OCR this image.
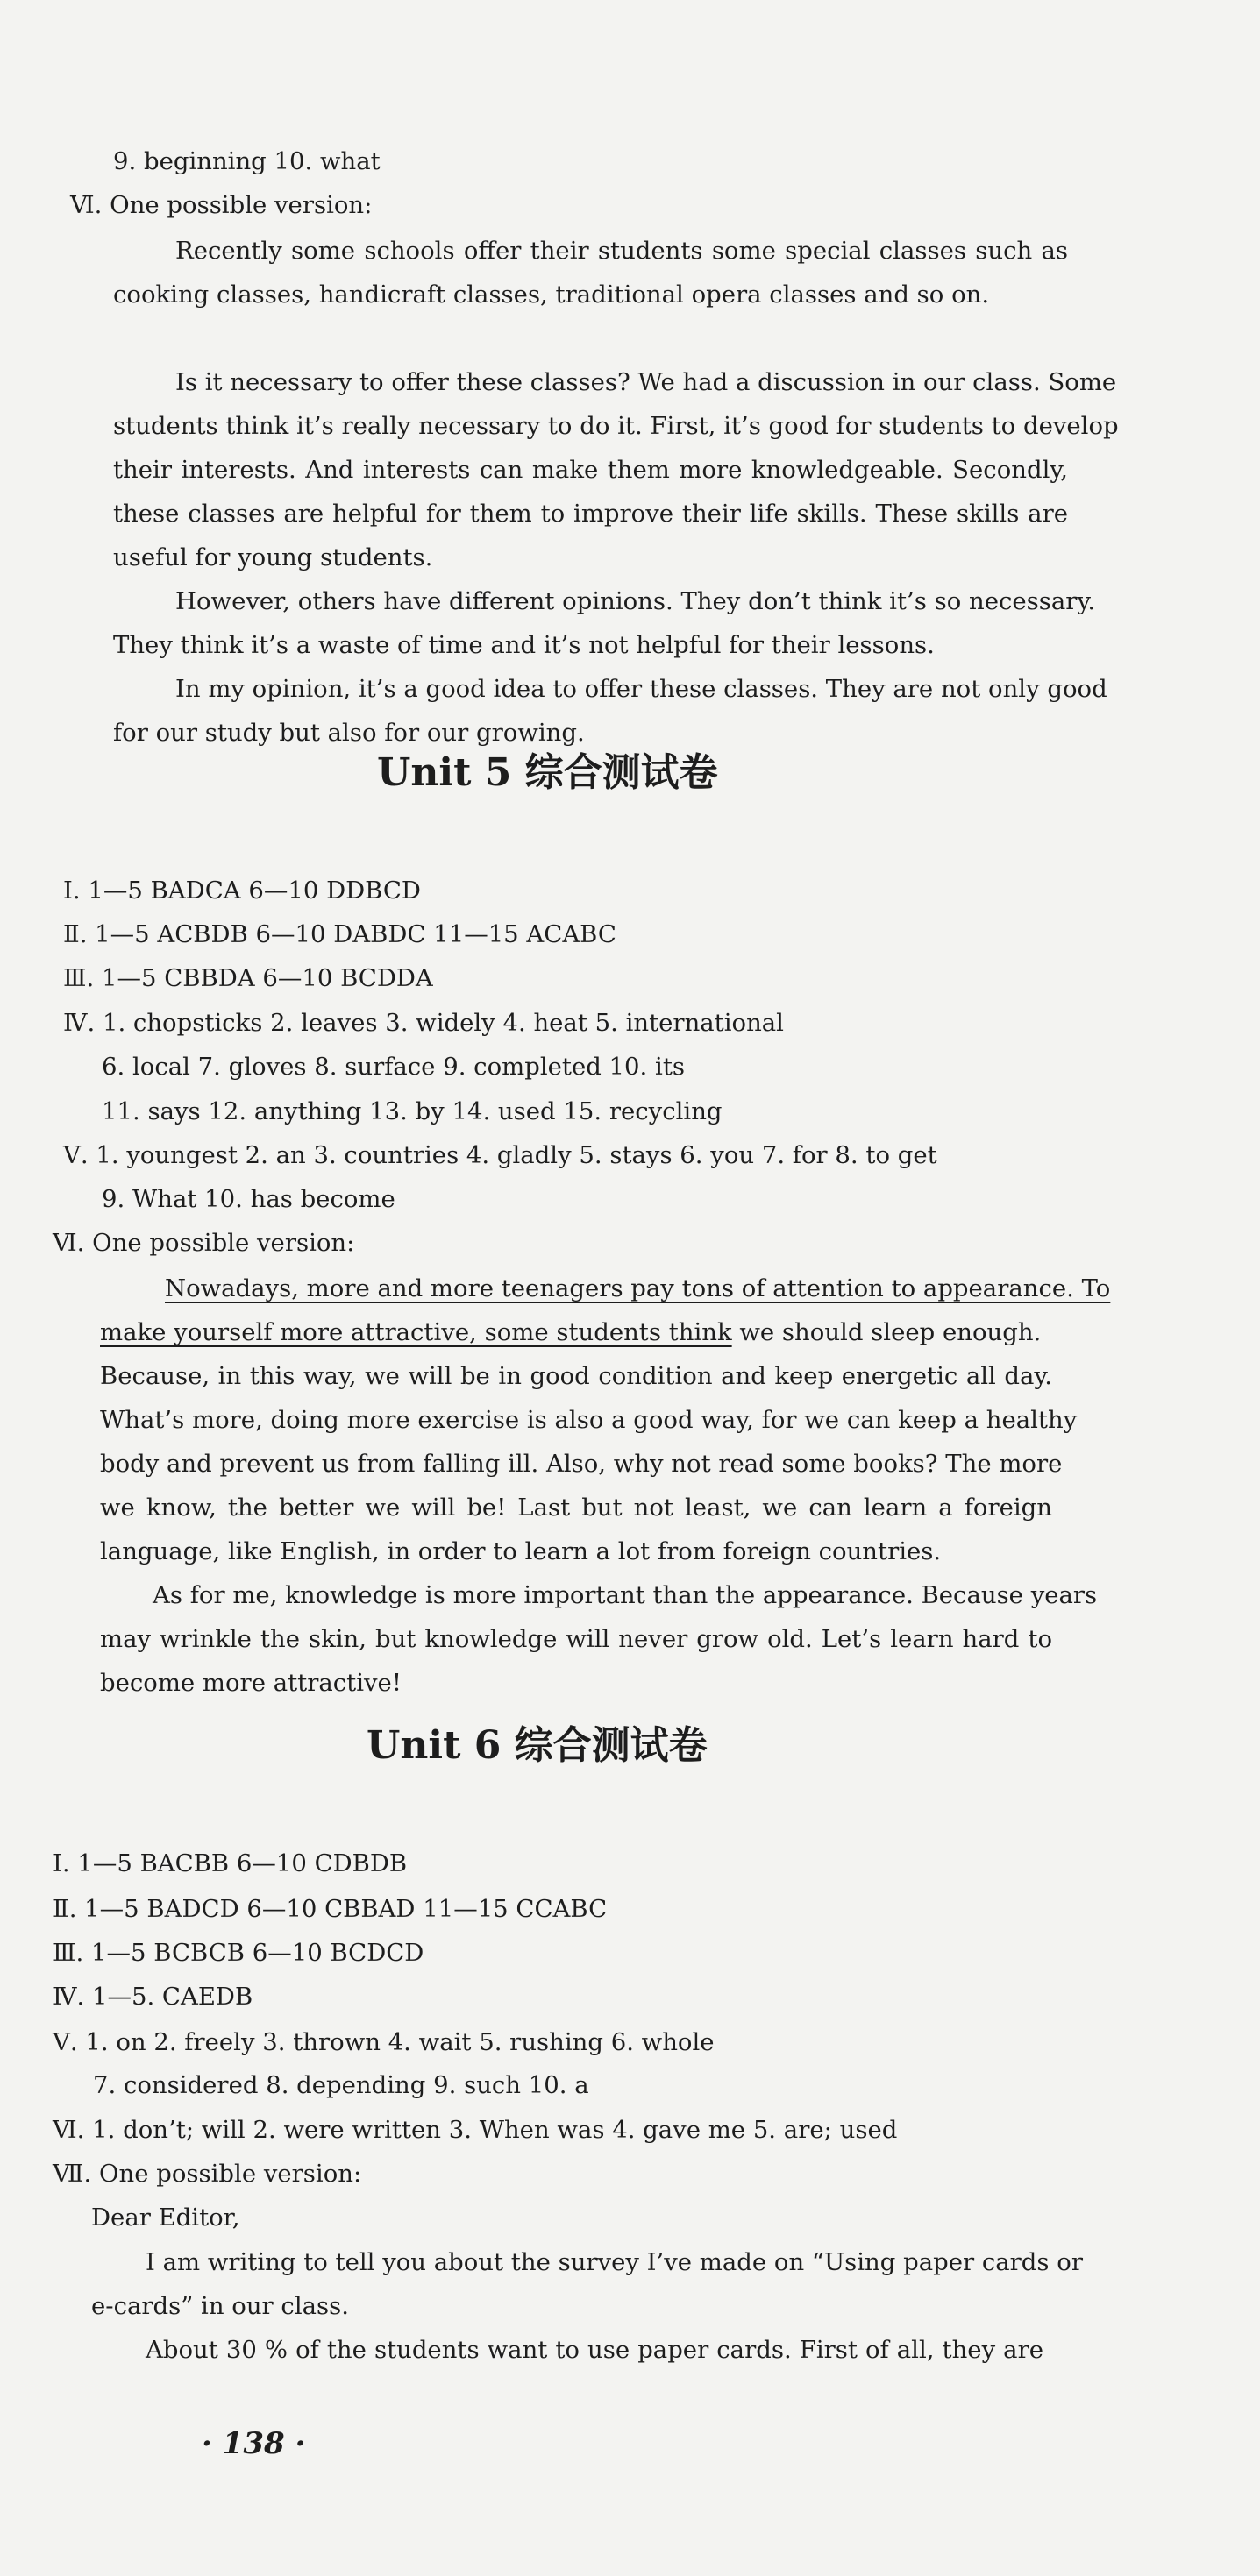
9. beginning 10. what
Ⅵ. One possible version:
Recently some schools offer their students some special classes such as
cooking classes, handicraft classes, traditional opera classes and so on.
Is it necessary to offer these classes? We had a discussion in our class. Some
students think it’s really necessary to do it. First, it’s good for students to develop
their interests. And interests can make them more knowledgeable. Secondly,
these classes are helpful for them to improve their life skills. These skills are
useful for young students.
However, others have different opinions. They don’t think it’s so necessary.
They think it’s a waste of time and it’s not helpful for their lessons.
In my opinion, it’s a good idea to offer these classes. They are not only good
for our study but also for our growing.
Unit 5 综合测试卷
Ⅰ. 1—5 BADCA 6—10 DDBCD
Ⅱ. 1—5 ACBDB 6—10 DABDC 11—15 ACABC
Ⅲ. 1—5 CBBDA 6—10 BCDDA
Ⅳ. 1. chopsticks 2. leaves 3. widely 4. heat 5. international
6. local 7. gloves 8. surface 9. completed 10. its
11. says 12. anything 13. by 14. used 15. recycling
Ⅴ. 1. youngest 2. an 3. countries 4. gladly 5. stays 6. you 7. for 8. to get
9. What 10. has become
Ⅵ. One possible version:
Nowadays, more and more teenagers pay tons of attention to appearance. To
make yourself more attractive, some students think we should sleep enough.
Because, in this way, we will be in good condition and keep energetic all day.
What’s more, doing more exercise is also a good way, for we can keep a healthy
body and prevent us from falling ill. Also, why not read some books? The more
we know, the better we will be! Last but not least, we can learn a foreign
language, like English, in order to learn a lot from foreign countries.
As for me, knowledge is more important than the appearance. Because years
may wrinkle the skin, but knowledge will never grow old. Let’s learn hard to
become more attractive!
Unit 6 综合测试卷
Ⅰ. 1—5 BACBB 6—10 CDBDB
Ⅱ. 1—5 BADCD 6—10 CBBAD 11—15 CCABC
Ⅲ. 1—5 BCBCB 6—10 BCDCD
Ⅳ. 1—5. CAEDB
Ⅴ. 1. on 2. freely 3. thrown 4. wait 5. rushing 6. whole
7. considered 8. depending 9. such 10. a
Ⅵ. 1. don’t; will 2. were written 3. When was 4. gave me 5. are; used
Ⅶ. One possible version:
Dear Editor,
I am writing to tell you about the survey I’ve made on “Using paper cards or
e-cards” in our class.
About 30 % of the students want to use paper cards. First of all, they are
· 138 ·
